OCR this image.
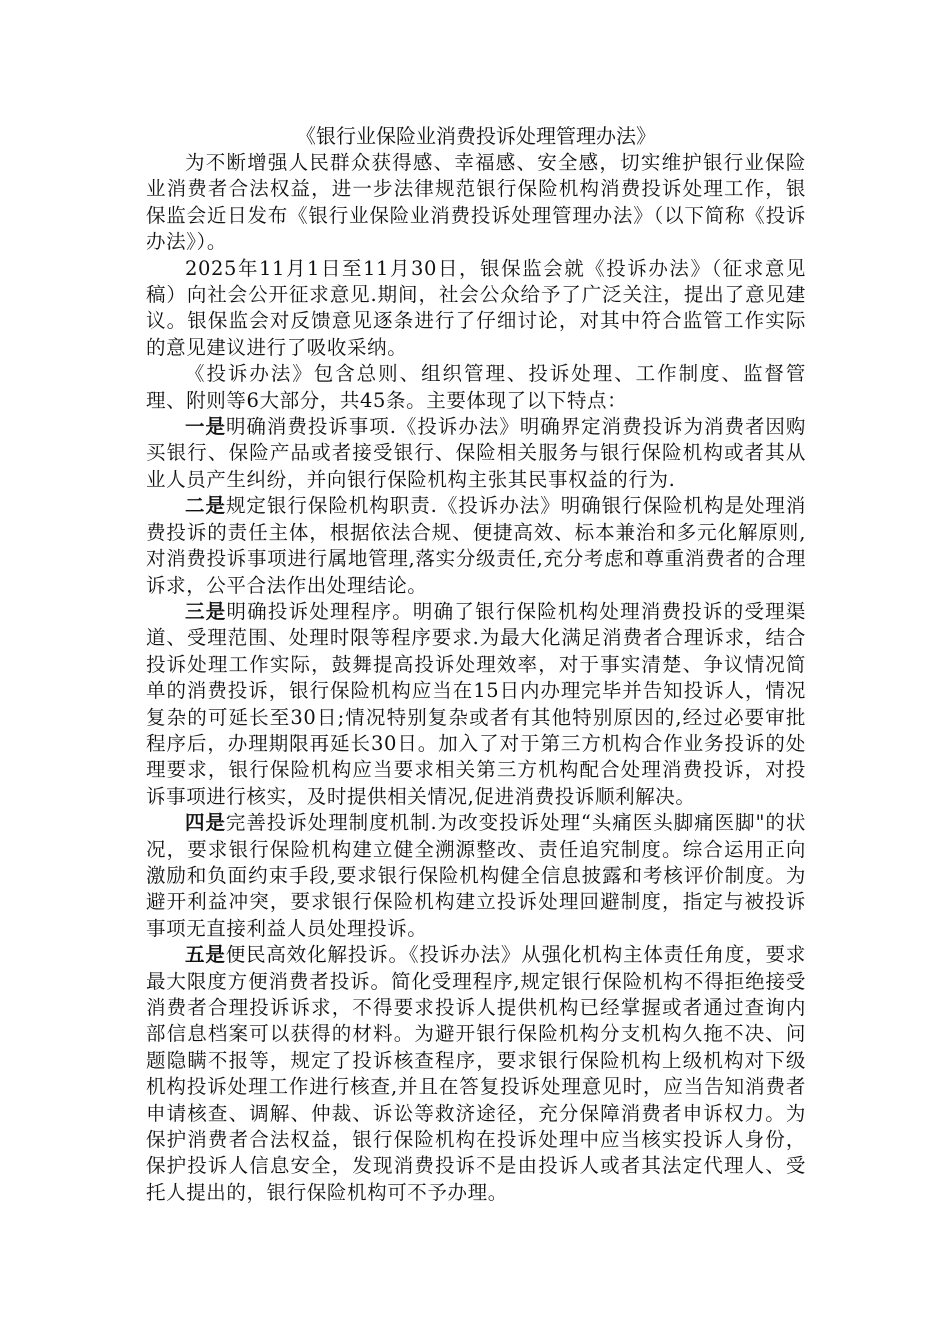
《银行业保险业消费投诉处理管理办法》

为不断增强人民群众获得感、幸福感、安全感，切实维护银行业保险业消费者合法权益，进一步法律规范银行保险机构消费投诉处理工作，银保监会近日发布《银行业保险业消费投诉处理管理办法》（以下简称《投诉办法》）。

2025年11月1日至11月30日，银保监会就《投诉办法》（征求意见稿）向社会公开征求意见.期间，社会公众给予了广泛关注，提出了意见建议。银保监会对反馈意见逐条进行了仔细讨论，对其中符合监管工作实际的意见建议进行了吸收采纳。

《投诉办法》包含总则、组织管理、投诉处理、工作制度、监督管理、附则等6大部分，共45条。主要体现了以下特点：

一是明确消费投诉事项.《投诉办法》明确界定消费投诉为消费者因购买银行、保险产品或者接受银行、保险相关服务与银行保险机构或者其从业人员产生纠纷，并向银行保险机构主张其民事权益的行为.

二是规定银行保险机构职责.《投诉办法》明确银行保险机构是处理消费投诉的责任主体，根据依法合规、便捷高效、标本兼治和多元化解原则,对消费投诉事项进行属地管理,落实分级责任,充分考虑和尊重消费者的合理诉求，公平合法作出处理结论。

三是明确投诉处理程序。明确了银行保险机构处理消费投诉的受理渠道、受理范围、处理时限等程序要求.为最大化满足消费者合理诉求，结合投诉处理工作实际，鼓舞提高投诉处理效率，对于事实清楚、争议情况简单的消费投诉，银行保险机构应当在15日内办理完毕并告知投诉人，情况复杂的可延长至30日;情况特别复杂或者有其他特别原因的,经过必要审批程序后，办理期限再延长30日。加入了对于第三方机构合作业务投诉的处理要求，银行保险机构应当要求相关第三方机构配合处理消费投诉，对投诉事项进行核实，及时提供相关情况,促进消费投诉顺利解决。

四是完善投诉处理制度机制.为改变投诉处理“头痛医头脚痛医脚"的状况，要求银行保险机构建立健全溯源整改、责任追究制度。综合运用正向激励和负面约束手段,要求银行保险机构健全信息披露和考核评价制度。为避开利益冲突，要求银行保险机构建立投诉处理回避制度，指定与被投诉事项无直接利益人员处理投诉。

五是便民高效化解投诉。《投诉办法》从强化机构主体责任角度，要求最大限度方便消费者投诉。简化受理程序,规定银行保险机构不得拒绝接受消费者合理投诉诉求，不得要求投诉人提供机构已经掌握或者通过查询内部信息档案可以获得的材料。为避开银行保险机构分支机构久拖不决、问题隐瞒不报等，规定了投诉核查程序，要求银行保险机构上级机构对下级机构投诉处理工作进行核查,并且在答复投诉处理意见时，应当告知消费者申请核查、调解、仲裁、诉讼等救济途径，充分保障消费者申诉权力。为保护消费者合法权益，银行保险机构在投诉处理中应当核实投诉人身份，保护投诉人信息安全，发现消费投诉不是由投诉人或者其法定代理人、受托人提出的，银行保险机构可不予办理。
